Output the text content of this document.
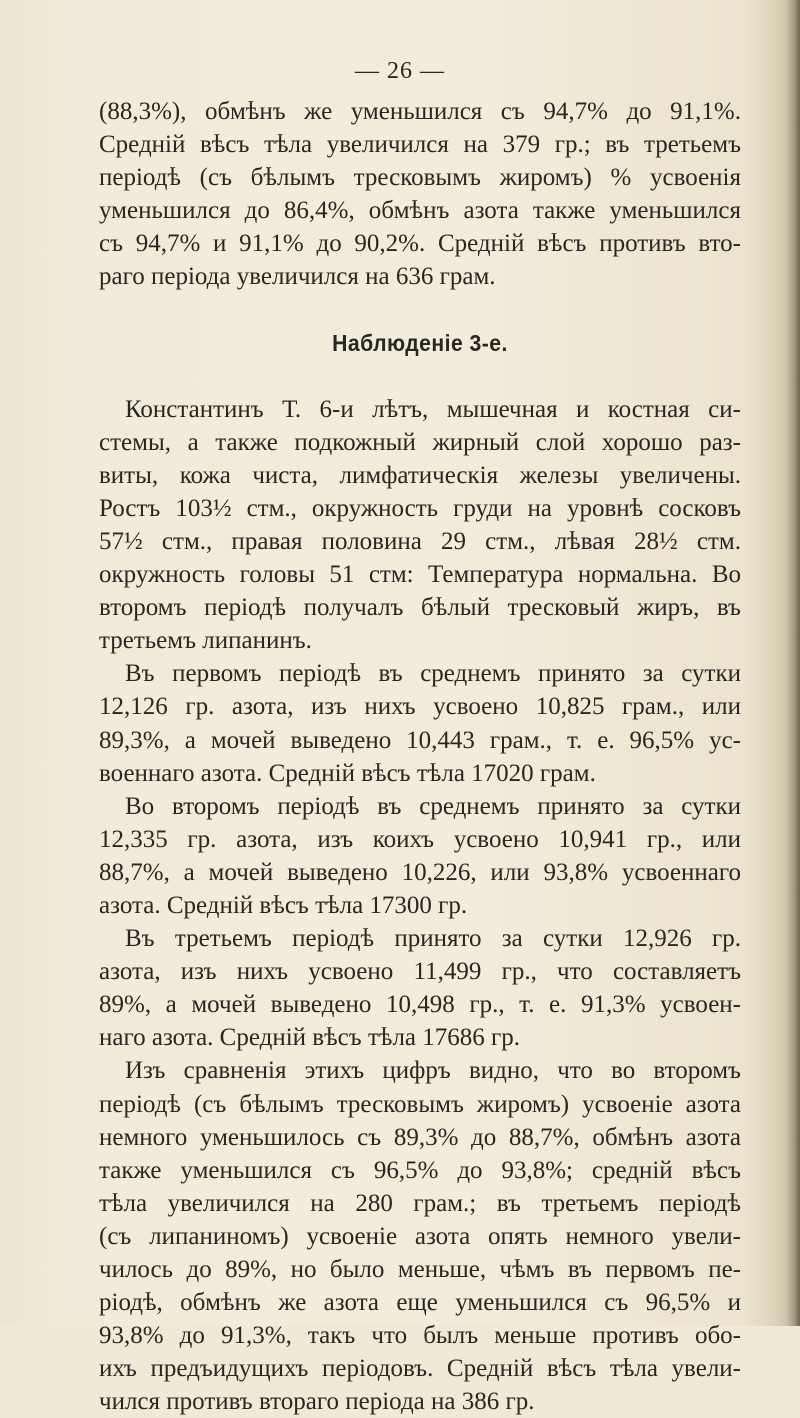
— 26 —
(88,3%), обмѣнъ же уменьшился съ 94,7% до 91,1%.
Средній вѣсъ тѣла увеличился на 379 гр.; въ третьемъ
періодѣ (съ бѣлымъ тресковымъ жиромъ) % усвоенія
уменьшился до 86,4%, обмѣнъ азота также уменьшился
съ 94,7% и 91,1% до 90,2%. Средній вѣсъ противъ вто-
раго періода увеличился на 636 грам.
Наблюденіе 3-е.
Константинъ Т. 6-и лѣтъ, мышечная и костная си-
стемы, а также подкожный жирный слой хорошо раз-
виты, кожа чиста, лимфатическія железы увеличены.
Ростъ 103½ стм., окружность груди на уровнѣ сосковъ
57½ стм., правая половина 29 стм., лѣвая 28½ стм.
окружность головы 51 стм: Температура нормальна. Во
второмъ періодѣ получалъ бѣлый тресковый жиръ, въ
третьемъ липанинъ.
Въ первомъ періодѣ въ среднемъ принято за сутки
12,126 гр. азота, изъ нихъ усвоено 10,825 грам., или
89,3%, а мочей выведено 10,443 грам., т. е. 96,5% ус-
военнаго азота. Средній вѣсъ тѣла 17020 грам.
Во второмъ періодѣ въ среднемъ принято за сутки
12,335 гр. азота, изъ коихъ усвоено 10,941 гр., или
88,7%, а мочей выведено 10,226, или 93,8% усвоеннаго
азота. Средній вѣсъ тѣла 17300 гр.
Въ третьемъ періодѣ принято за сутки 12,926 гр.
азота, изъ нихъ усвоено 11,499 гр., что составляетъ
89%, а мочей выведено 10,498 гр., т. е. 91,3% усвоен-
наго азота. Средній вѣсъ тѣла 17686 гр.
Изъ сравненія этихъ цифръ видно, что во второмъ
періодѣ (съ бѣлымъ тресковымъ жиромъ) усвоеніе азота
немного уменьшилось съ 89,3% до 88,7%, обмѣнъ азота
также уменьшился съ 96,5% до 93,8%; средній вѣсъ
тѣла увеличился на 280 грам.; въ третьемъ періодѣ
(съ липаниномъ) усвоеніе азота опять немного увели-
чилось до 89%, но было меньше, чѣмъ въ первомъ пе-
ріодѣ, обмѣнъ же азота еще уменьшился съ 96,5% и
93,8% до 91,3%, такъ что былъ меньше противъ обо-
ихъ предъидущихъ періодовъ. Средній вѣсъ тѣла увели-
чился противъ втораго періода на 386 гр.
